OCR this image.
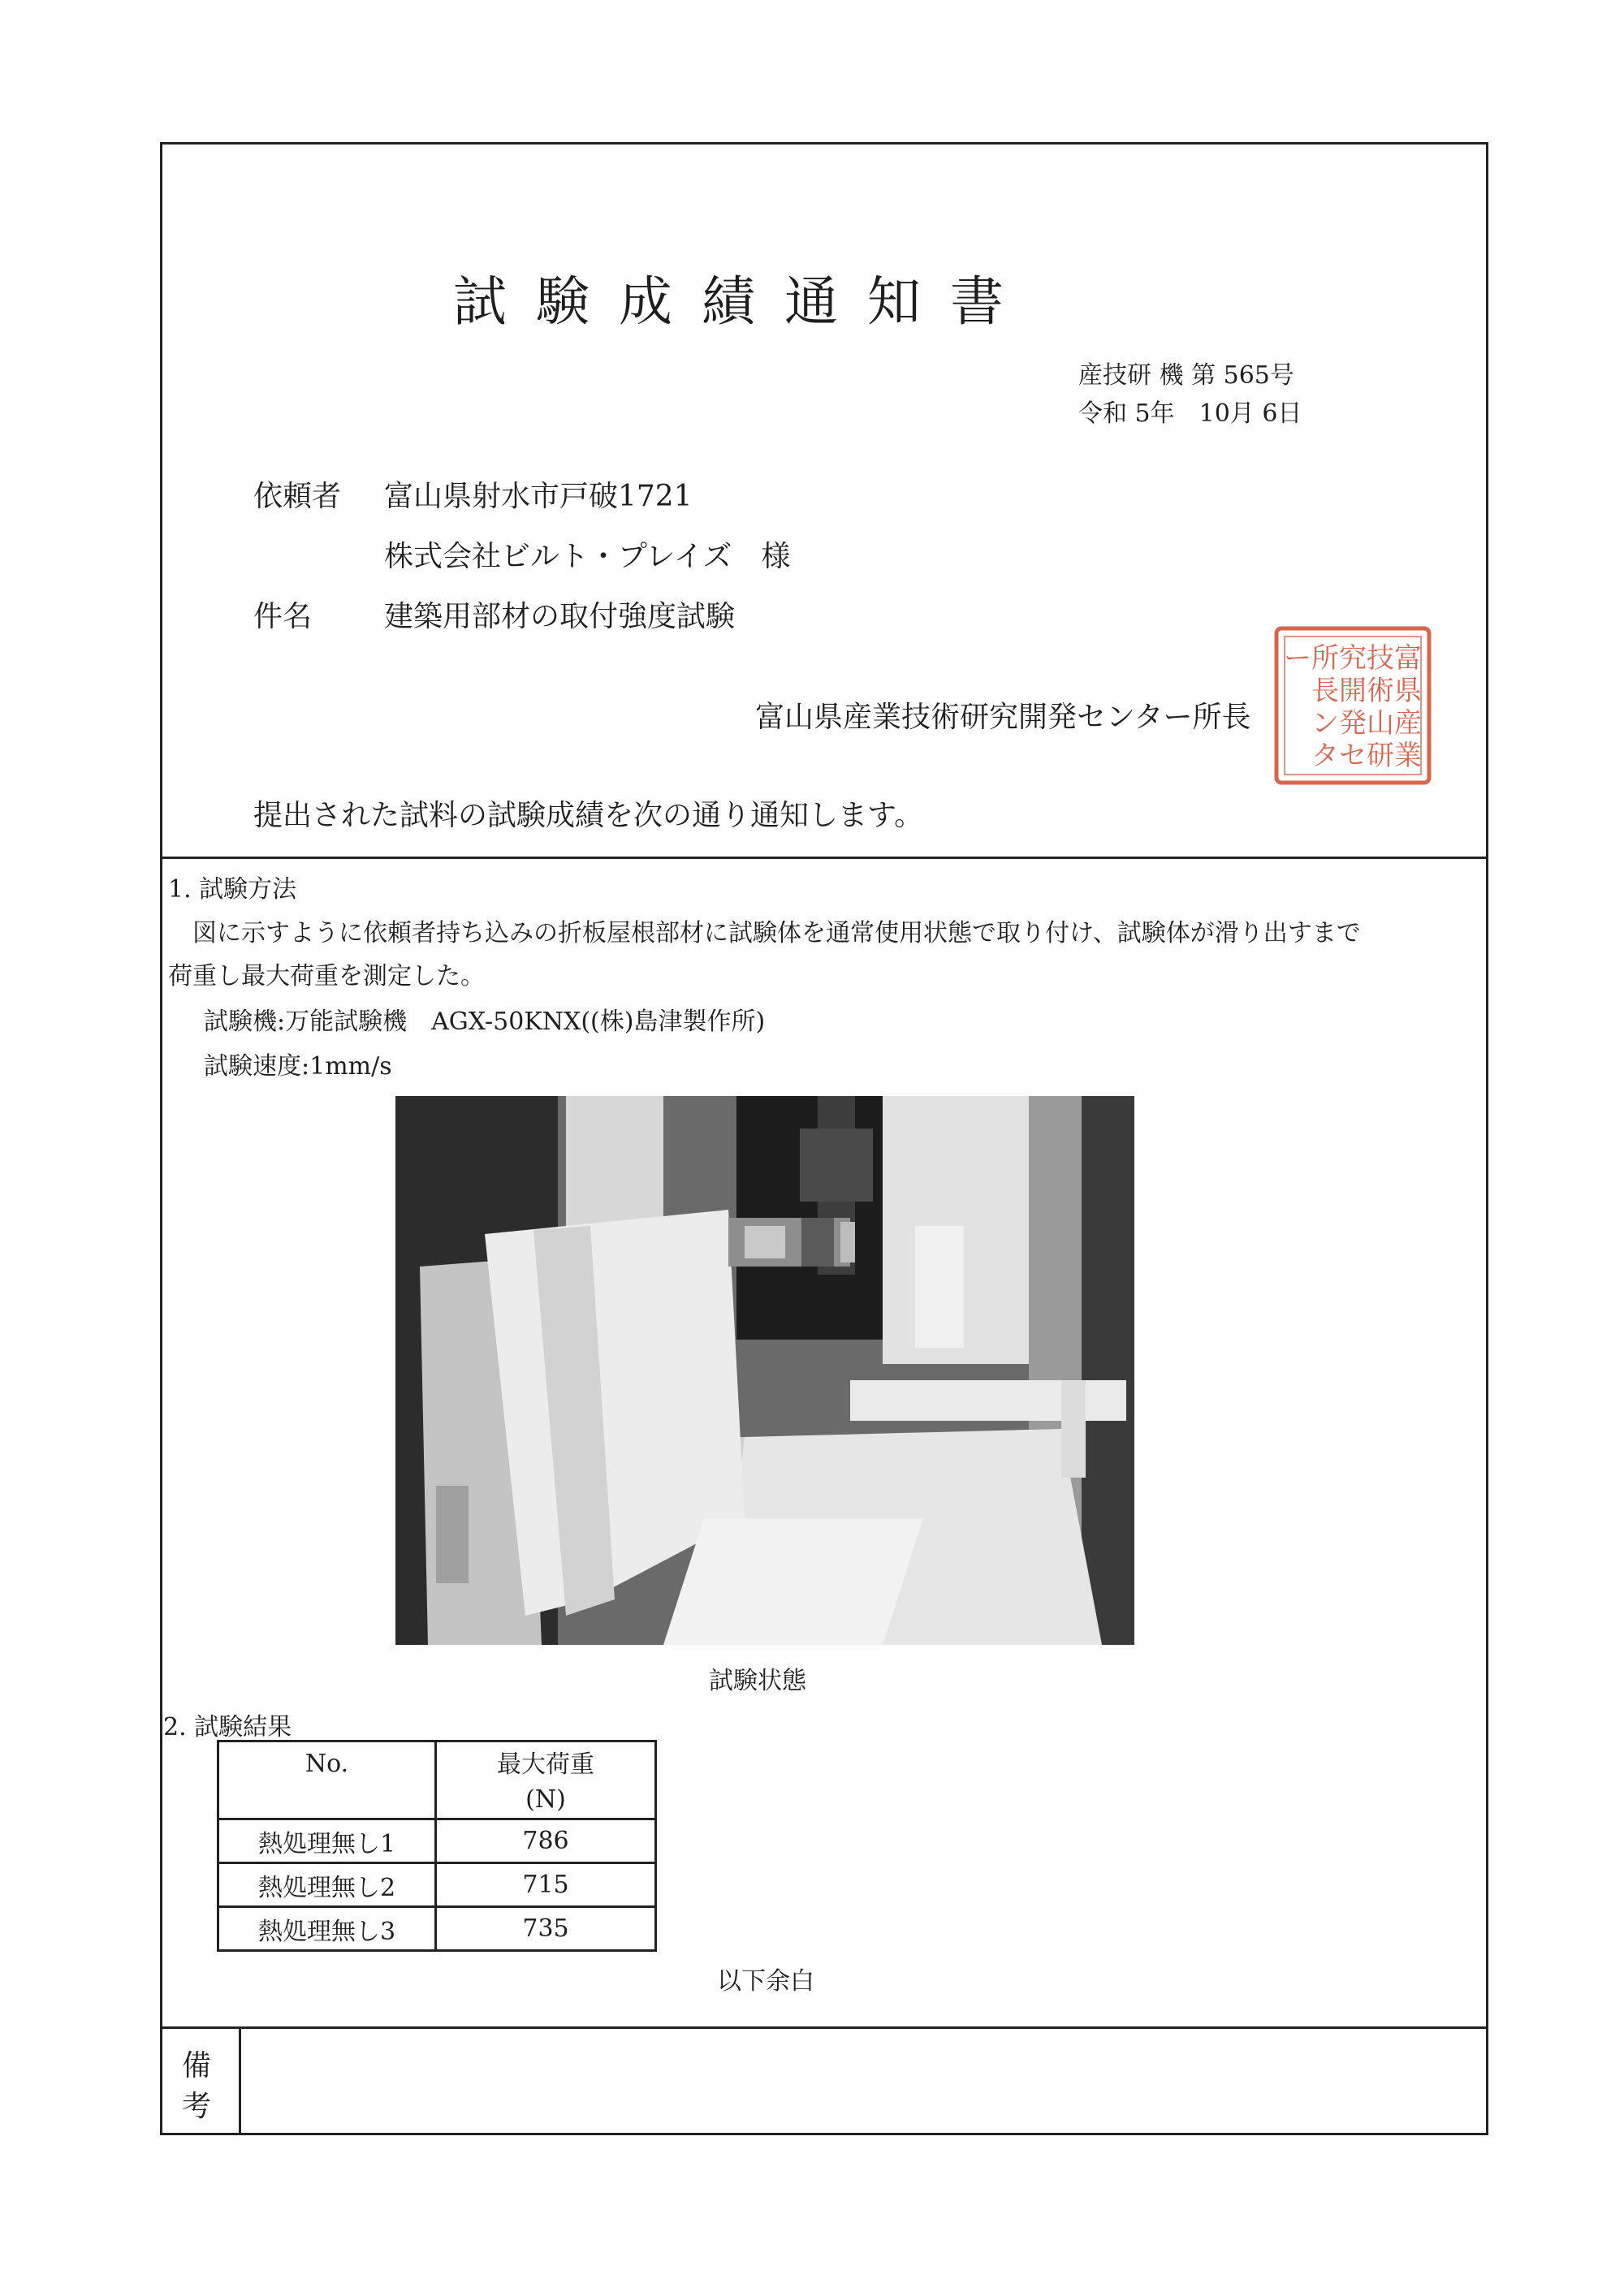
試験成績通知書
産技研 機 第 565号
令和 5年　10月 6日
依頼者 富山県射水市戸破1721
株式会社ビルト・プレイズ　様
件名 建築用部材の取付強度試験
富山県産業技術研究開発センター所長
富
県
産
業
技
術
山
研
究
開
発
セ
所
長
ン
タ
ー
提出された試料の試験成績を次の通り通知します。
1. 試験方法
図に示すように依頼者持ち込みの折板屋根部材に試験体を通常使用状態で取り付け、試験体が滑り出すまで
荷重し最大荷重を測定した。
試験機:万能試験機　AGX-50KNX((株)島津製作所)
試験速度:1mm/s
試験状態
2. 試験結果
No.	最大荷重
(N)
熱処理無し1	786
熱処理無し2	715
熱処理無し3	735
以下余白
備
考
